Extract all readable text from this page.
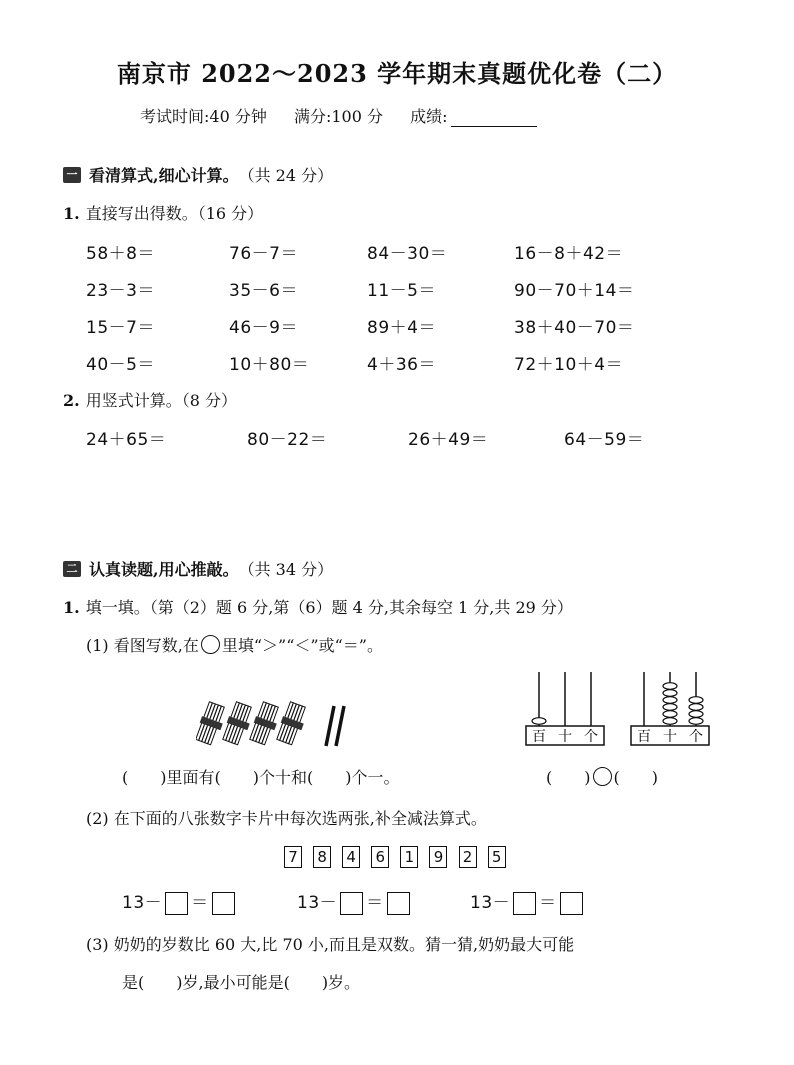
南京市 2022～2023 学年期末真题优化卷（二）
考试时间:40 分钟 满分:100 分 成绩:
一 看清算式,细心计算。 （共 24 分）
1. 直接写出得数。（16 分）
58＋8＝	76－7＝	84－30＝	16－8＋42＝
23－3＝	35－6＝	11－5＝	90－70＋14＝
15－7＝	46－9＝	89＋4＝	38＋40－70＝
40－5＝	10＋80＝	4＋36＝	72＋10＋4＝
2. 用竖式计算。（8 分）
24＋65＝	80－22＝	26＋49＝	64－59＝
二 认真读题,用心推敲。 （共 34 分）
1. 填一填。（第（2）题 6 分,第（6）题 4 分,其余每空 1 分,共 29 分）
(1) 看图写数,在 里填“＞”“＜”或“＝”。
百 十 个	百 十 个
(　　)里面有(　　)个十和(　　)个一。	(　　) (　　)
(2) 在下面的八张数字卡片中每次选两张,补全减法算式。
7 8 4 6 1 9 2 5
13－ ＝	13－ ＝	13－ ＝
(3) 奶奶的岁数比 60 大,比 70 小,而且是双数。猜一猜,奶奶最大可能
是(　　)岁,最小可能是(　　)岁。
